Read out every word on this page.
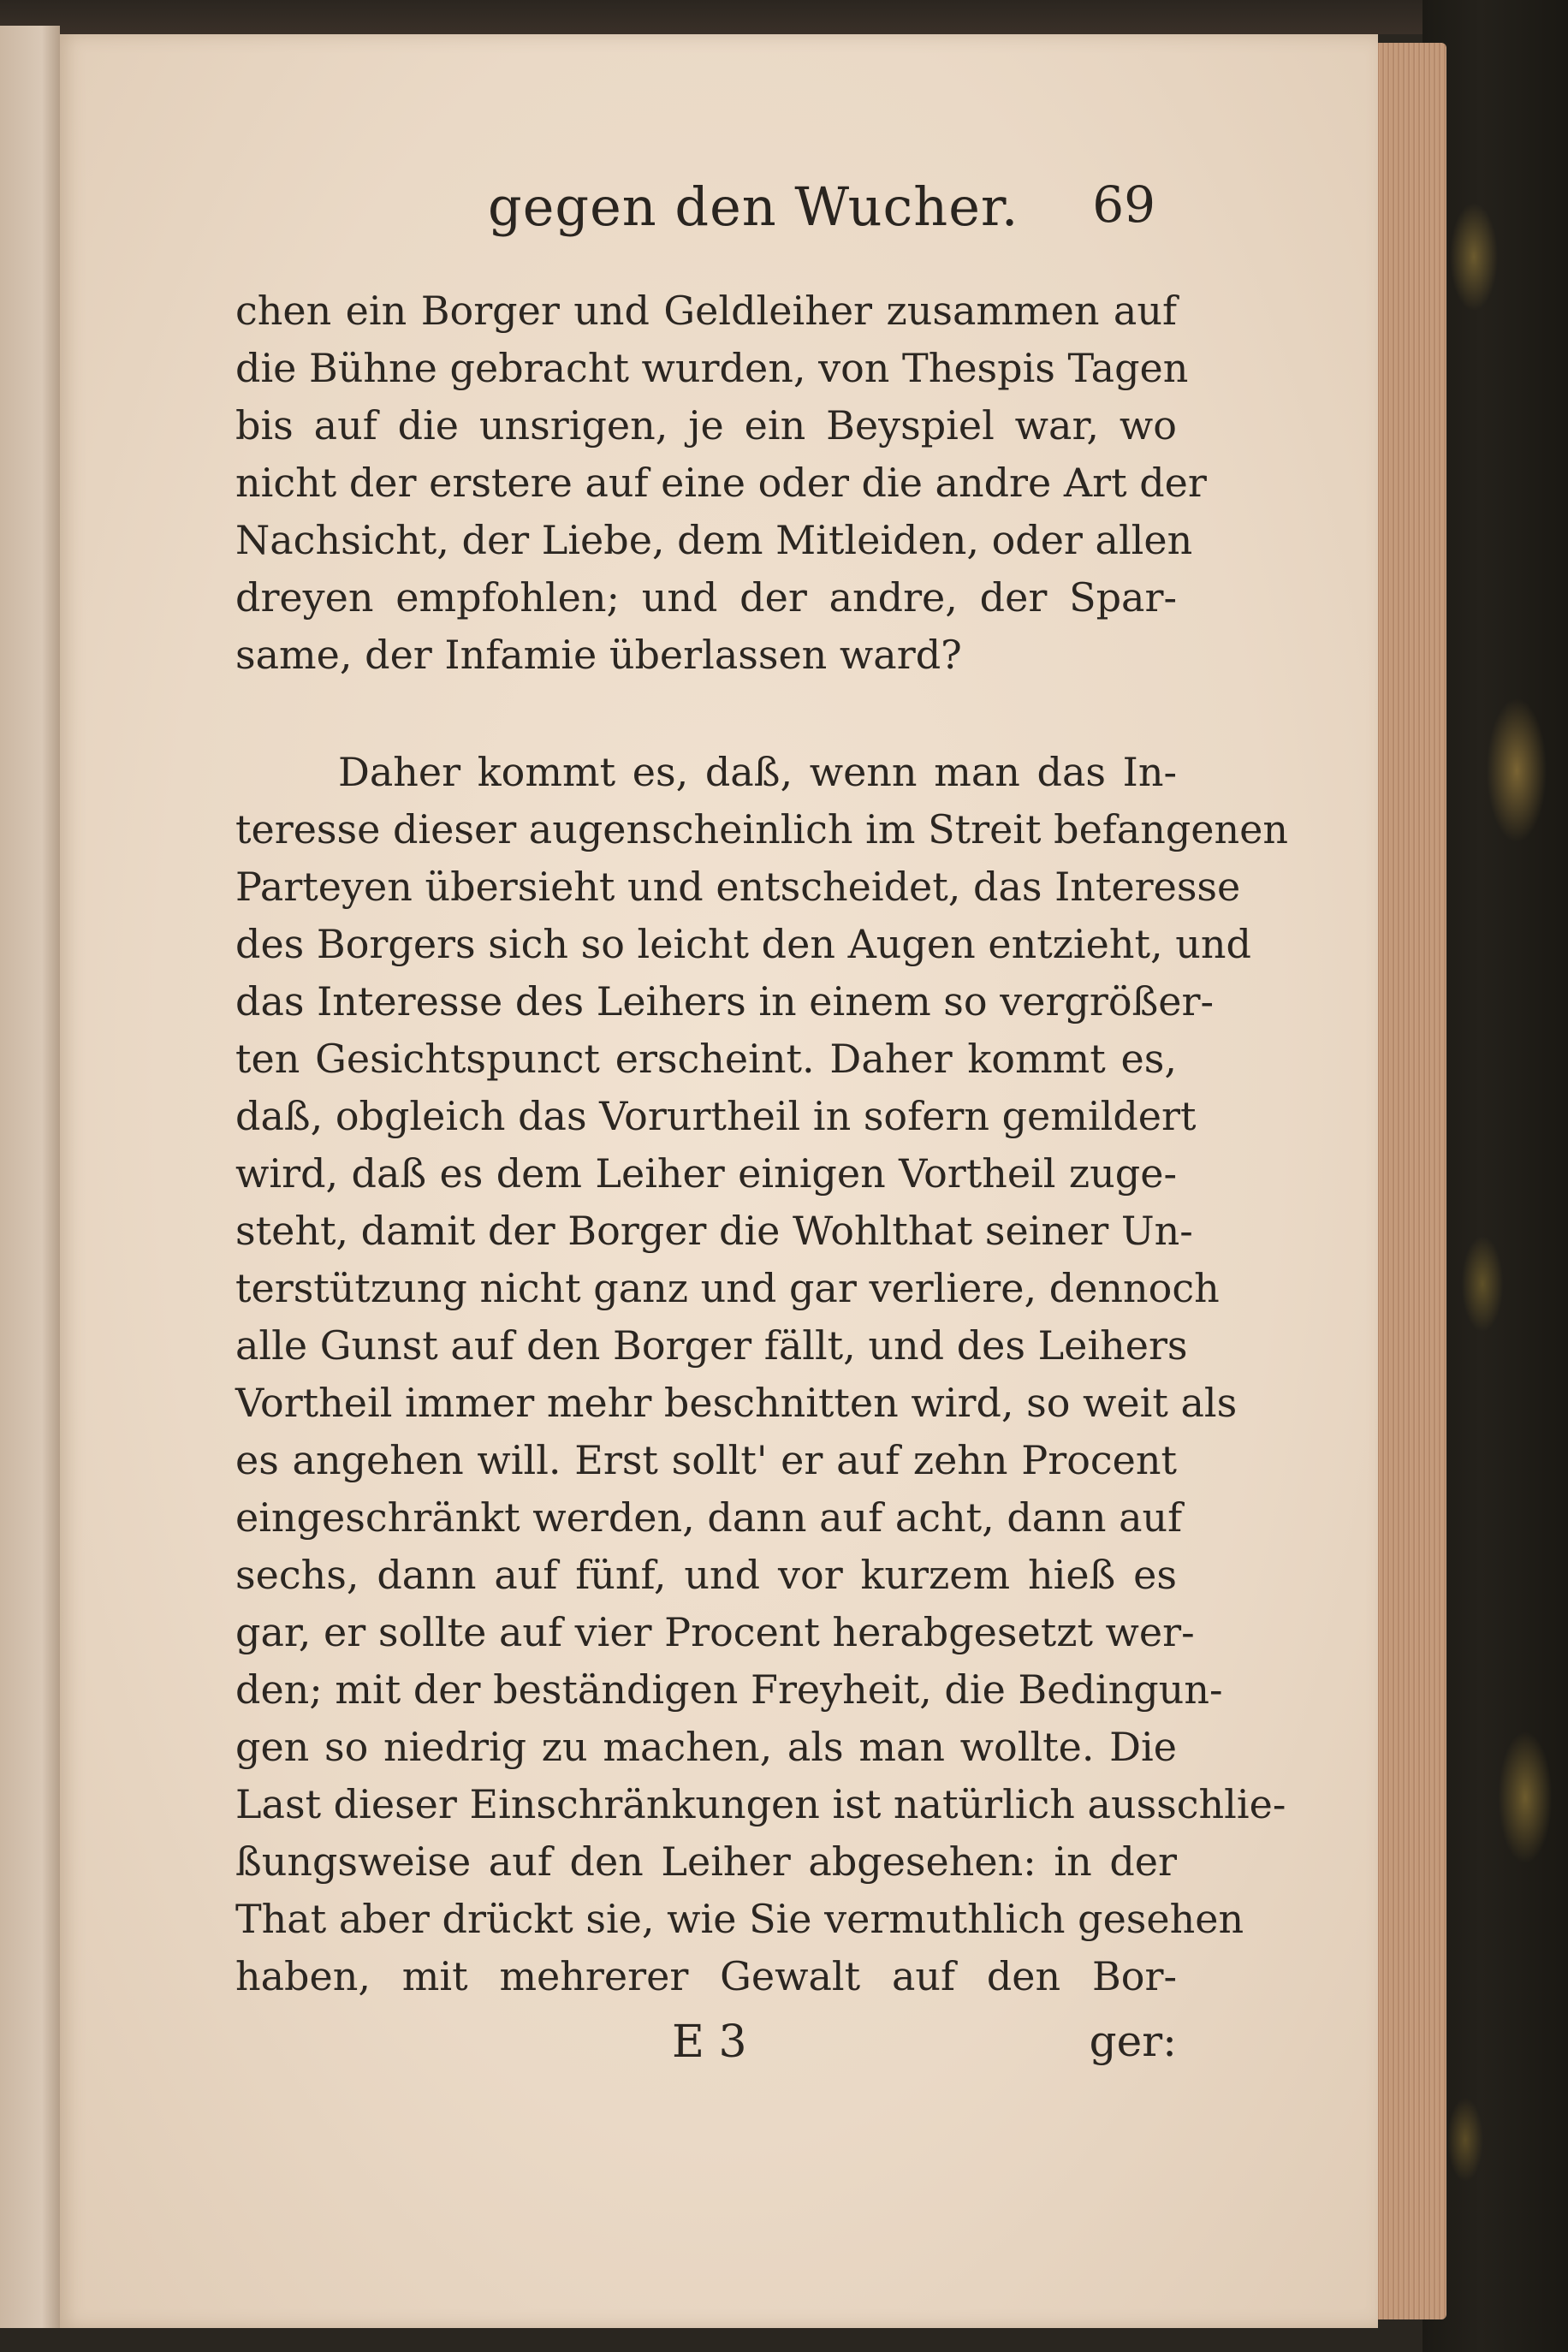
gegen den Wucher. 69
chen ein Borger und Geldleiher zusammen auf
die Bühne gebracht wurden, von Thespis Tagen
bis auf die unsrigen, je ein Beyspiel war, wo
nicht der erstere auf eine oder die andre Art der
Nachsicht, der Liebe, dem Mitleiden, oder allen
dreyen empfohlen; und der andre, der Spar-
same, der Infamie überlassen ward?
Daher kommt es, daß, wenn man das In-
teresse dieser augenscheinlich im Streit befangenen
Parteyen übersieht und entscheidet, das Interesse
des Borgers sich so leicht den Augen entzieht, und
das Interesse des Leihers in einem so vergrößer-
ten Gesichtspunct erscheint. Daher kommt es,
daß, obgleich das Vorurtheil in sofern gemildert
wird, daß es dem Leiher einigen Vortheil zuge-
steht, damit der Borger die Wohlthat seiner Un-
terstützung nicht ganz und gar verliere, dennoch
alle Gunst auf den Borger fällt, und des Leihers
Vortheil immer mehr beschnitten wird, so weit als
es angehen will. Erst sollt' er auf zehn Procent
eingeschränkt werden, dann auf acht, dann auf
sechs, dann auf fünf, und vor kurzem hieß es
gar, er sollte auf vier Procent herabgesetzt wer-
den; mit der beständigen Freyheit, die Bedingun-
gen so niedrig zu machen, als man wollte. Die
Last dieser Einschränkungen ist natürlich ausschlie-
ßungsweise auf den Leiher abgesehen: in der
That aber drückt sie, wie Sie vermuthlich gesehen
haben, mit mehrerer Gewalt auf den Bor-
E 3	ger:
